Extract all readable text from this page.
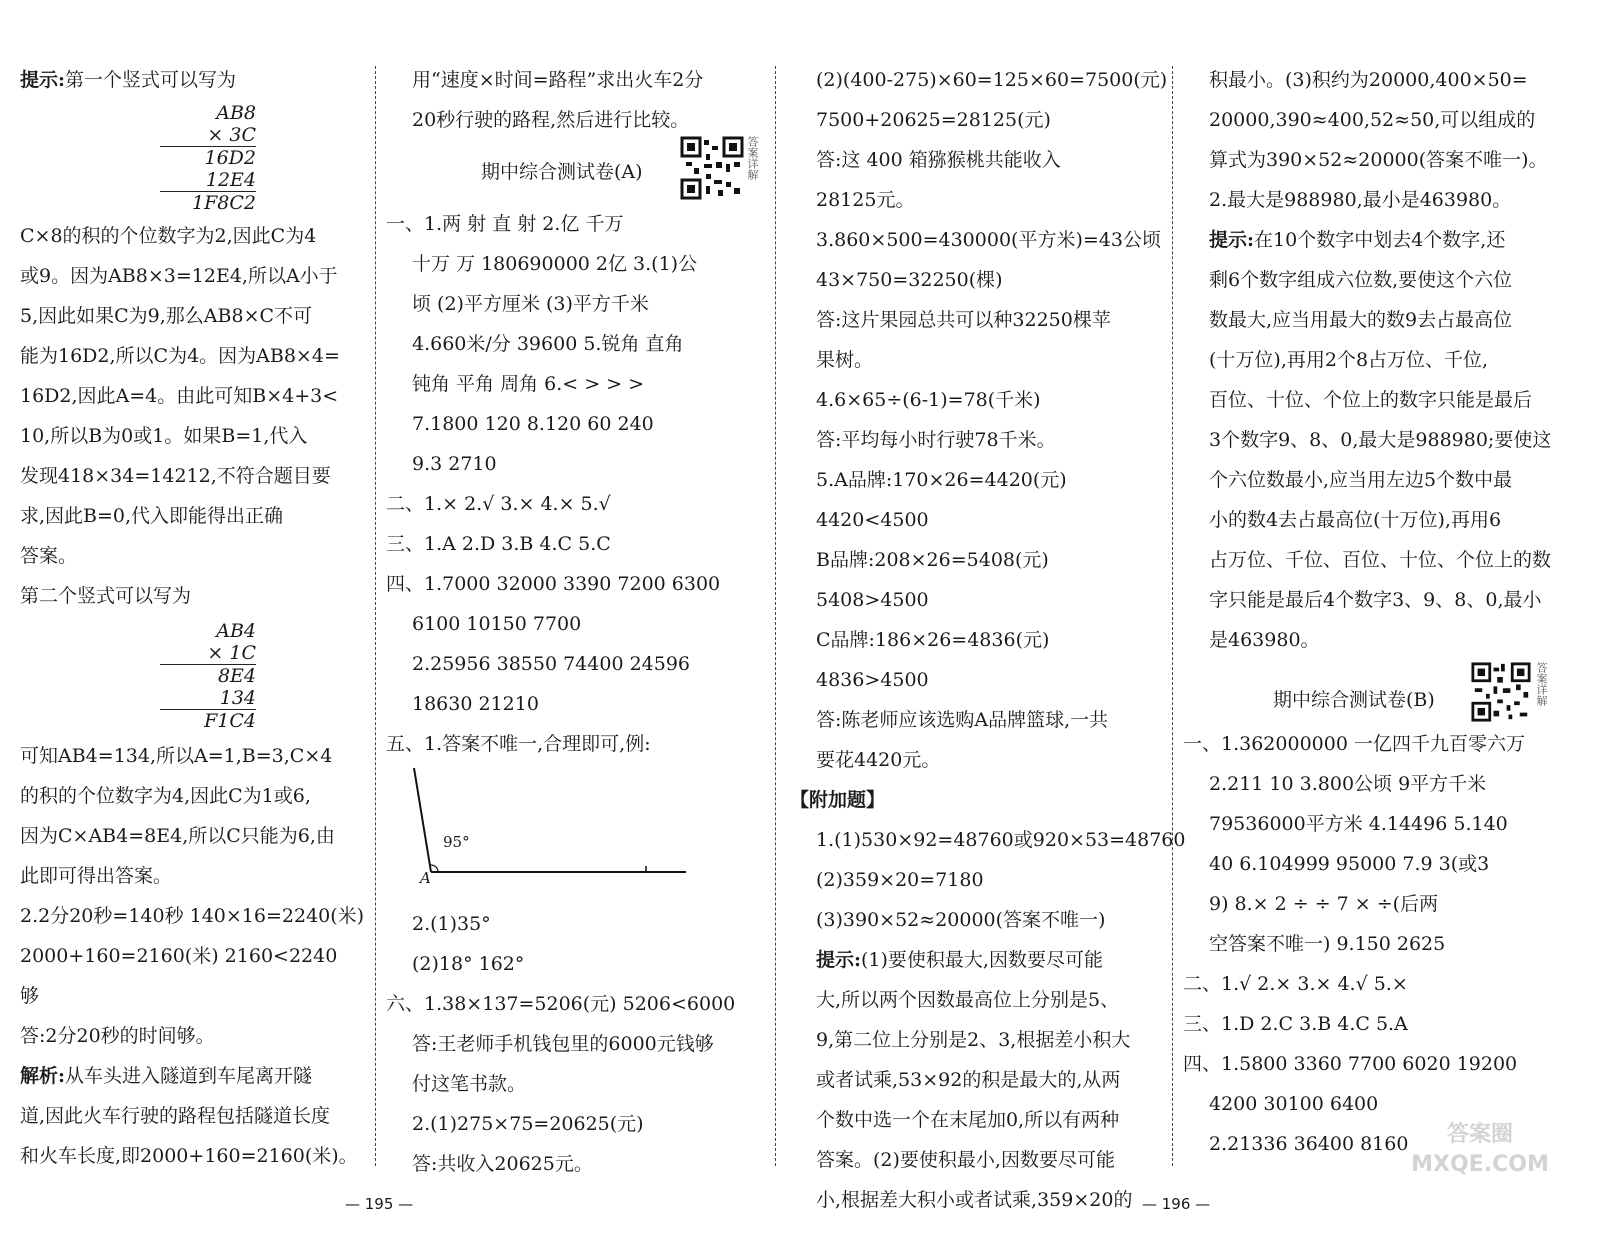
提示:第一个竖式可以写为

AB8
× 3C
16D2
12E4
1F8C2

C×8的积的个位数字为2,因此C为4

或9。因为AB8×3=12E4,所以A小于

5,因此如果C为9,那么AB8×C不可

能为16D2,所以C为4。因为AB8×4=

16D2,因此A=4。由此可知B×4+3<

10,所以B为0或1。如果B=1,代入

发现418×34=14212,不符合题目要

求,因此B=0,代入即能得出正确

答案。

第二个竖式可以写为

AB4
× 1C
8E4
134
F1C4

可知AB4=134,所以A=1,B=3,C×4

的积的个位数字为4,因此C为1或6,

因为C×AB4=8E4,所以C只能为6,由

此即可得出答案。

2.2分20秒=140秒 140×16=2240(米)

2000+160=2160(米) 2160<2240

够

答:2分20秒的时间够。

解析:从车头进入隧道到车尾离开隧

道,因此火车行驶的路程包括隧道长度

和火车长度,即2000+160=2160(米)。

用“速度×时间=路程”求出火车2分

20秒行驶的路程,然后进行比较。

期中综合测试卷(A)	答案详解

一、1.两 射 直 射 2.亿 千万

十万 万 180690000 2亿 3.(1)公

顷 (2)平方厘米 (3)平方千米

4.660米/分 39600 5.锐角 直角

钝角 平角 周角 6.< > > >

7.1800 120 8.120 60 240

9.3 2710

二、1.× 2.√ 3.× 4.× 5.√

三、1.A 2.D 3.B 4.C 5.C

四、1.7000 32000 3390 7200 6300

6100 10150 7700

2.25956 38550 74400 24596

18630 21210

五、1.答案不唯一,合理即可,例:

95°
A

2.(1)35°

(2)18° 162°

六、1.38×137=5206(元) 5206<6000

答:王老师手机钱包里的6000元钱够

付这笔书款。

2.(1)275×75=20625(元)

答:共收入20625元。

(2)(400-275)×60=125×60=7500(元)

7500+20625=28125(元)

答:这 400 箱猕猴桃共能收入

28125元。

3.860×500=430000(平方米)=43公顷

43×750=32250(棵)

答:这片果园总共可以种32250棵苹

果树。

4.6×65÷(6-1)=78(千米)

答:平均每小时行驶78千米。

5.A品牌:170×26=4420(元)

4420<4500

B品牌:208×26=5408(元)

5408>4500

C品牌:186×26=4836(元)

4836>4500

答:陈老师应该选购A品牌篮球,一共

要花4420元。

【附加题】

1.(1)530×92=48760或920×53=48760

(2)359×20=7180

(3)390×52≈20000(答案不唯一)

提示:(1)要使积最大,因数要尽可能

大,所以两个因数最高位上分别是5、

9,第二位上分别是2、3,根据差小积大

或者试乘,53×92的积是最大的,从两

个数中选一个在末尾加0,所以有两种

答案。(2)要使积最小,因数要尽可能

小,根据差大积小或者试乘,359×20的

积最小。(3)积约为20000,400×50=

20000,390≈400,52≈50,可以组成的

算式为390×52≈20000(答案不唯一)。

2.最大是988980,最小是463980。

提示:在10个数字中划去4个数字,还

剩6个数字组成六位数,要使这个六位

数最大,应当用最大的数9去占最高位

(十万位),再用2个8占万位、千位,

百位、十位、个位上的数字只能是最后

3个数字9、8、0,最大是988980;要使这

个六位数最小,应当用左边5个数中最

小的数4去占最高位(十万位),再用6

占万位、千位、百位、十位、个位上的数

字只能是最后4个数字3、9、8、0,最小

是463980。

期中综合测试卷(B)	答案详解

一、1.362000000 一亿四千九百零六万

2.211 10 3.800公顷 9平方千米

79536000平方米 4.14496 5.140

40 6.104999 95000 7.9 3(或3

9) 8.× 2 ÷ ÷ 7 × ÷(后两

空答案不唯一) 9.150 2625

二、1.√ 2.× 3.× 4.√ 5.×

三、1.D 2.C 3.B 4.C 5.A

四、1.5800 3360 7700 6020 19200

4200 30100 6400

2.21336 36400 8160

— 195 —	— 196 —
答案圈 MXQE.COM
